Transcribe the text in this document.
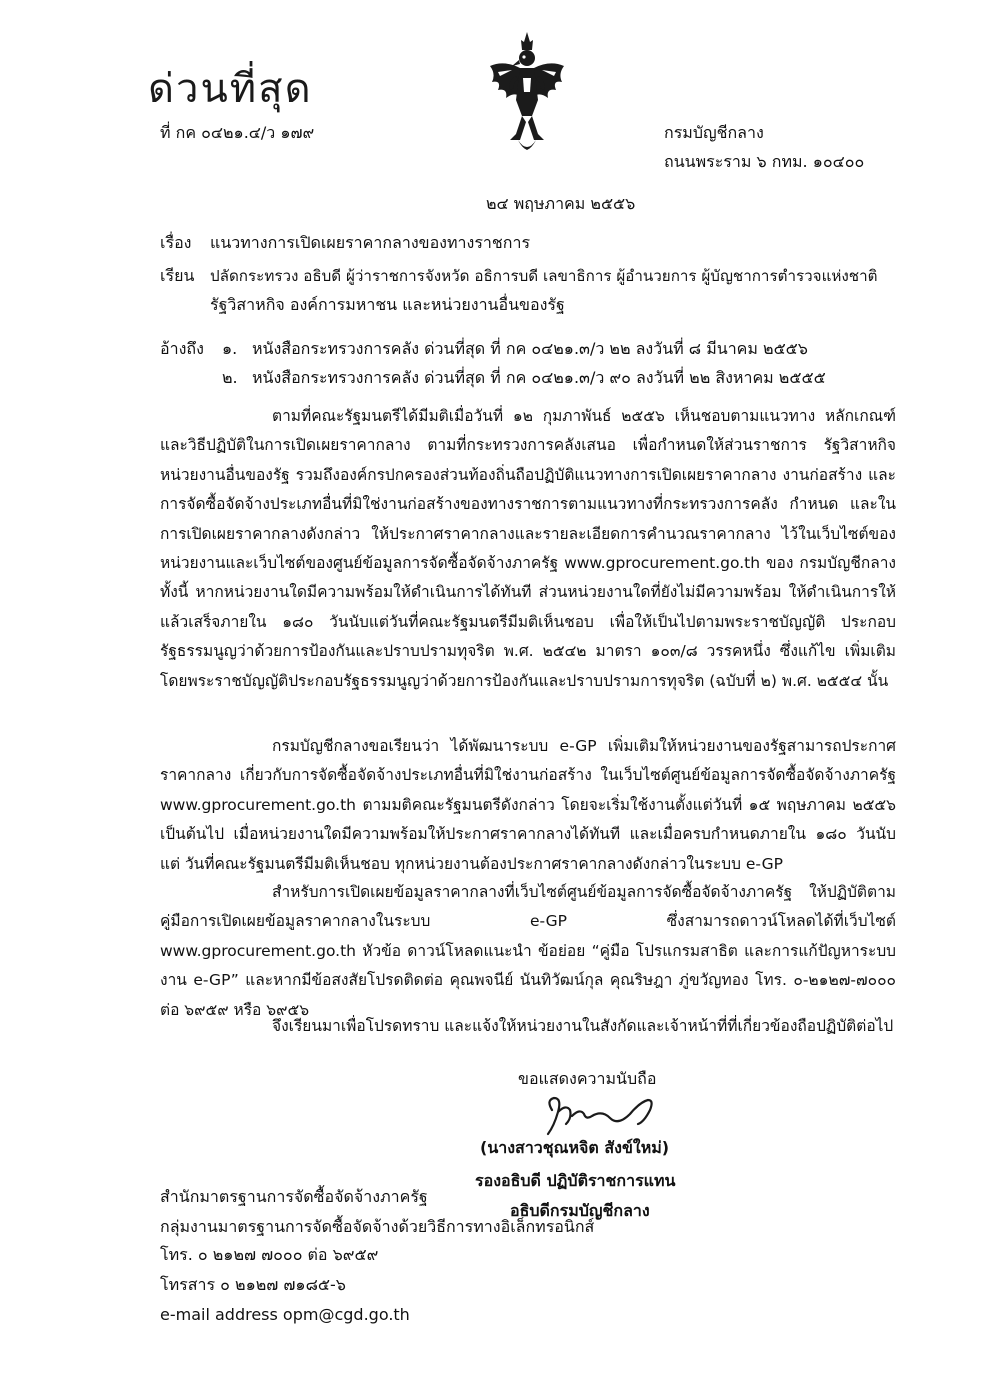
ด่วนที่สุด
ที่ กค ๐๔๒๑.๔/ว ๑๗๙	กรมบัญชีกลาง
ถนนพระราม ๖ กทม. ๑๐๔๐๐
๒๔ พฤษภาคม ๒๕๕๖
เรื่อง แนวทางการเปิดเผยราคากลางของทางราชการ
เรียน ปลัดกระทรวง อธิบดี ผู้ว่าราชการจังหวัด อธิการบดี เลขาธิการ ผู้อำนวยการ ผู้บัญชาการตำรวจแห่งชาติ
รัฐวิสาหกิจ องค์การมหาชน และหน่วยงานอื่นของรัฐ
อ้างถึง ๑. หนังสือกระทรวงการคลัง ด่วนที่สุด ที่ กค ๐๔๒๑.๓/ว ๒๒ ลงวันที่ ๘ มีนาคม ๒๕๕๖
๒. หนังสือกระทรวงการคลัง ด่วนที่สุด ที่ กค ๐๔๒๑.๓/ว ๙๐ ลงวันที่ ๒๒ สิงหาคม ๒๕๕๕
ตามที่คณะรัฐมนตรีได้มีมติเมื่อวันที่ ๑๒ กุมภาพันธ์ ๒๕๕๖ เห็นชอบตามแนวทาง หลักเกณฑ์ และวิธีปฏิบัติในการเปิดเผยราคากลาง ตามที่กระทรวงการคลังเสนอ เพื่อกำหนดให้ส่วนราชการ รัฐวิสาหกิจ หน่วยงานอื่นของรัฐ รวมถึงองค์กรปกครองส่วนท้องถิ่นถือปฏิบัติแนวทางการเปิดเผยราคากลาง งานก่อสร้าง และการจัดซื้อจัดจ้างประเภทอื่นที่มิใช่งานก่อสร้างของทางราชการตามแนวทางที่กระทรวงการคลัง กำหนด และในการเปิดเผยราคากลางดังกล่าว ให้ประกาศราคากลางและรายละเอียดการคำนวณราคากลาง ไว้ในเว็บไซต์ของหน่วยงานและเว็บไซต์ของศูนย์ข้อมูลการจัดซื้อจัดจ้างภาครัฐ www.gprocurement.go.th ของ กรมบัญชีกลาง ทั้งนี้ หากหน่วยงานใดมีความพร้อมให้ดำเนินการได้ทันที ส่วนหน่วยงานใดที่ยังไม่มีความพร้อม ให้ดำเนินการให้แล้วเสร็จภายใน ๑๘๐ วันนับแต่วันที่คณะรัฐมนตรีมีมติเห็นชอบ เพื่อให้เป็นไปตามพระราชบัญญัติ ประกอบรัฐธรรมนูญว่าด้วยการป้องกันและปราบปรามทุจริต พ.ศ. ๒๕๔๒ มาตรา ๑๐๓/๘ วรรคหนึ่ง ซึ่งแก้ไข เพิ่มเติม โดยพระราชบัญญัติประกอบรัฐธรรมนูญว่าด้วยการป้องกันและปราบปรามการทุจริต (ฉบับที่ ๒) พ.ศ. ๒๕๕๔ นั้น
กรมบัญชีกลางขอเรียนว่า ได้พัฒนาระบบ e-GP เพิ่มเติมให้หน่วยงานของรัฐสามารถประกาศราคากลาง เกี่ยวกับการจัดซื้อจัดจ้างประเภทอื่นที่มิใช่งานก่อสร้าง ในเว็บไซต์ศูนย์ข้อมูลการจัดซื้อจัดจ้างภาครัฐ www.gprocurement.go.th ตามมติคณะรัฐมนตรีดังกล่าว โดยจะเริ่มใช้งานตั้งแต่วันที่ ๑๕ พฤษภาคม ๒๕๕๖ เป็นต้นไป เมื่อหน่วยงานใดมีความพร้อมให้ประกาศราคากลางได้ทันที และเมื่อครบกำหนดภายใน ๑๘๐ วันนับแต่ วันที่คณะรัฐมนตรีมีมติเห็นชอบ ทุกหน่วยงานต้องประกาศราคากลางดังกล่าวในระบบ e-GP
สำหรับการเปิดเผยข้อมูลราคากลางที่เว็บไซต์ศูนย์ข้อมูลการจัดซื้อจัดจ้างภาครัฐ ให้ปฏิบัติตาม คู่มือการเปิดเผยข้อมูลราคากลางในระบบ e-GP ซึ่งสามารถดาวน์โหลดได้ที่เว็บไซต์ www.gprocurement.go.th หัวข้อ ดาวน์โหลดแนะนำ ข้อย่อย “คู่มือ โปรแกรมสาธิต และการแก้ปัญหาระบบงาน e-GP” และหากมีข้อสงสัยโปรดติดต่อ คุณพจนีย์ นันทิวัฒน์กุล คุณริษฎา ภู่ขวัญทอง โทร. ๐-๒๑๒๗-๗๐๐๐ ต่อ ๖๙๕๙ หรือ ๖๙๕๖
จึงเรียนมาเพื่อโปรดทราบ และแจ้งให้หน่วยงานในสังกัดและเจ้าหน้าที่ที่เกี่ยวข้องถือปฏิบัติต่อไป
ขอแสดงความนับถือ
(นางสาวชุณหจิต สังข์ใหม่)
รองอธิบดี ปฏิบัติราชการแทน
อธิบดีกรมบัญชีกลาง
สำนักมาตรฐานการจัดซื้อจัดจ้างภาครัฐ
กลุ่มงานมาตรฐานการจัดซื้อจัดจ้างด้วยวิธีการทางอิเล็กทรอนิกส์
โทร. ๐ ๒๑๒๗ ๗๐๐๐ ต่อ ๖๙๕๙
โทรสาร ๐ ๒๑๒๗ ๗๑๘๕-๖
e-mail address opm@cgd.go.th
